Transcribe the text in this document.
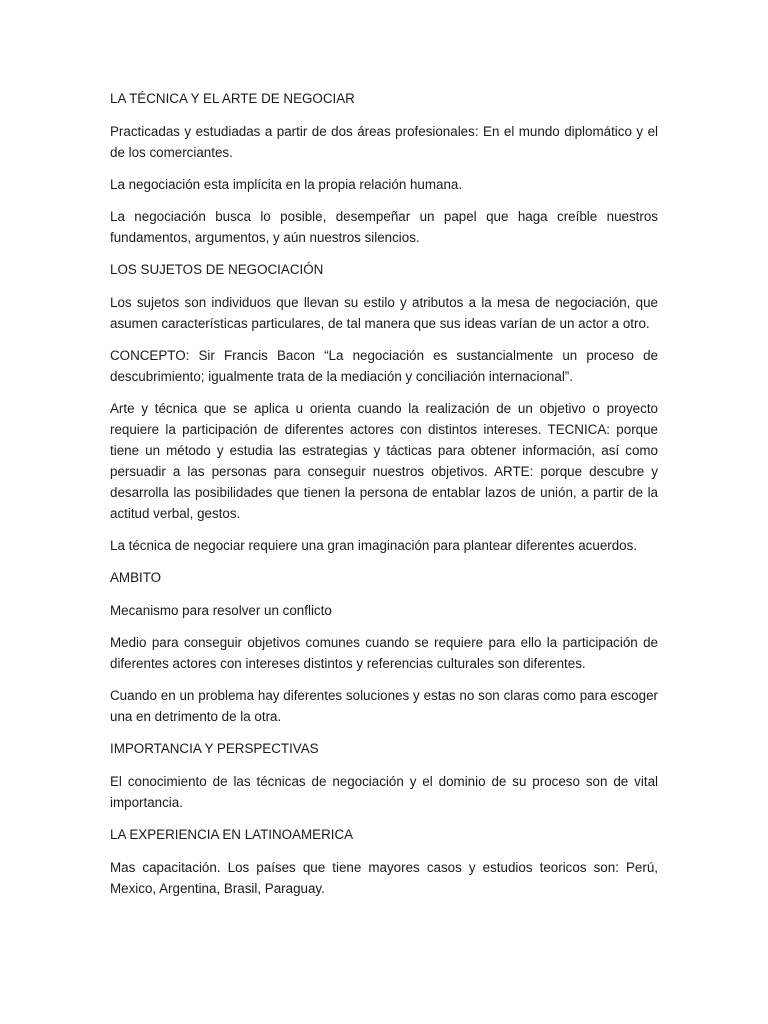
LA TÉCNICA Y EL ARTE DE NEGOCIAR

Practicadas y estudiadas a partir de dos áreas profesionales: En el mundo diplomático y el de los comerciantes.

La negociación esta implícita en la propia relación humana.

La negociación busca lo posible, desempeñar un papel que haga creíble nuestros fundamentos, argumentos, y aún nuestros silencios.

LOS SUJETOS DE NEGOCIACIÓN

Los sujetos son individuos que llevan su estilo y atributos a la mesa de negociación, que asumen características particulares, de tal manera que sus ideas varían de un actor a otro.

CONCEPTO: Sir Francis Bacon “La negociación es sustancialmente un proceso de descubrimiento; igualmente trata de la mediación y conciliación internacional”.

Arte y técnica que se aplica u orienta cuando la realización de un objetivo o proyecto requiere la participación de diferentes actores con distintos intereses. TECNICA: porque tiene un método y estudia las estrategias y tácticas para obtener información, así como persuadir a las personas para conseguir nuestros objetivos. ARTE: porque descubre y desarrolla las posibilidades que tienen la persona de entablar lazos de unión, a partir de la actitud verbal, gestos.

La técnica de negociar requiere una gran imaginación para plantear diferentes acuerdos.

AMBITO

Mecanismo para resolver un conflicto

Medio para conseguir objetivos comunes cuando se requiere para ello la participación de diferentes actores con intereses distintos y referencias culturales son diferentes.

Cuando en un problema hay diferentes soluciones y estas no son claras como para escoger una en detrimento de la otra.

IMPORTANCIA Y PERSPECTIVAS

El conocimiento de las técnicas de negociación y el dominio de su proceso son de vital importancia.

LA EXPERIENCIA EN LATINOAMERICA

Mas capacitación. Los países que tiene mayores casos y estudios teoricos son: Perú, Mexico, Argentina, Brasil, Paraguay.
